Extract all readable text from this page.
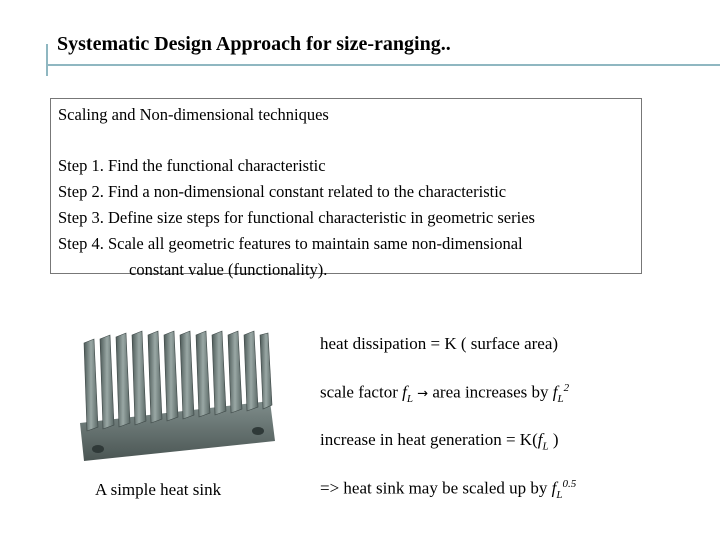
Systematic Design Approach for size-ranging..
Scaling and Non-dimensional techniques
Step 1. Find the functional characteristic
Step 2. Find a non-dimensional constant related to the characteristic
Step 3. Define size steps for functional characteristic in geometric series
Step 4. Scale all geometric features to maintain same non-dimensional
constant value (functionality).
A simple heat sink
heat dissipation = K ( surface area)
scale factor $f_L$ → area increases by $f_L^2$
increase in heat generation = $K(f_L$ )
=> heat sink may be scaled up by $f_L^{0.5}$
